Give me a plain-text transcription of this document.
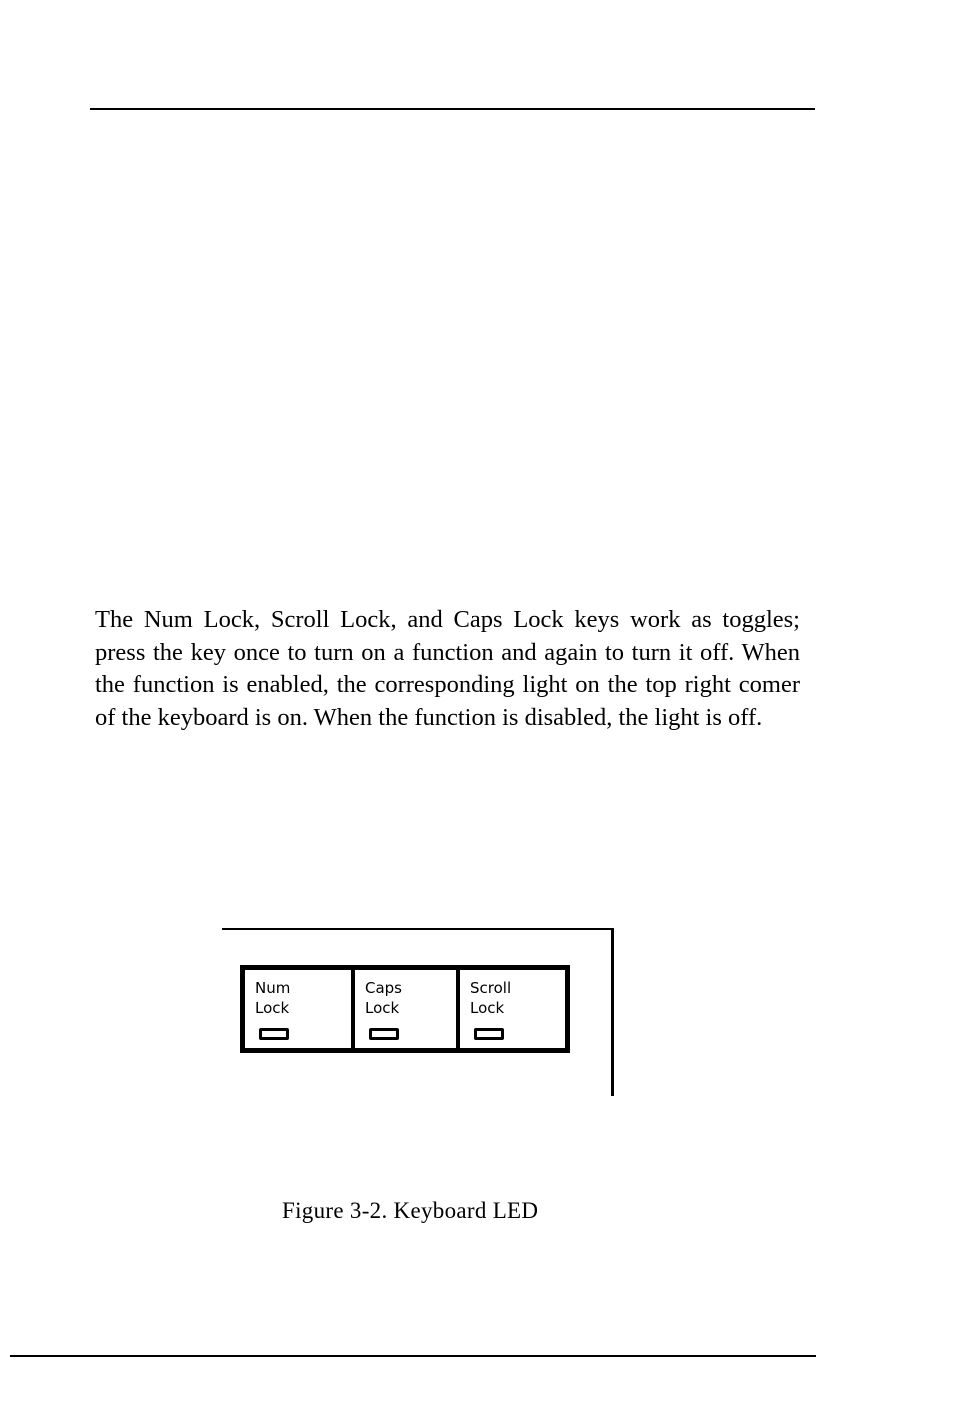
The Num Lock, Scroll Lock, and Caps Lock keys work as toggles; press the key once to turn on a function and again to turn it off. When the function is enabled, the corresponding light on the top right comer of the keyboard is on. When the function is disabled, the light is off.

Num
Lock
Caps
Lock
Scroll
Lock

Figure 3-2. Keyboard LED
